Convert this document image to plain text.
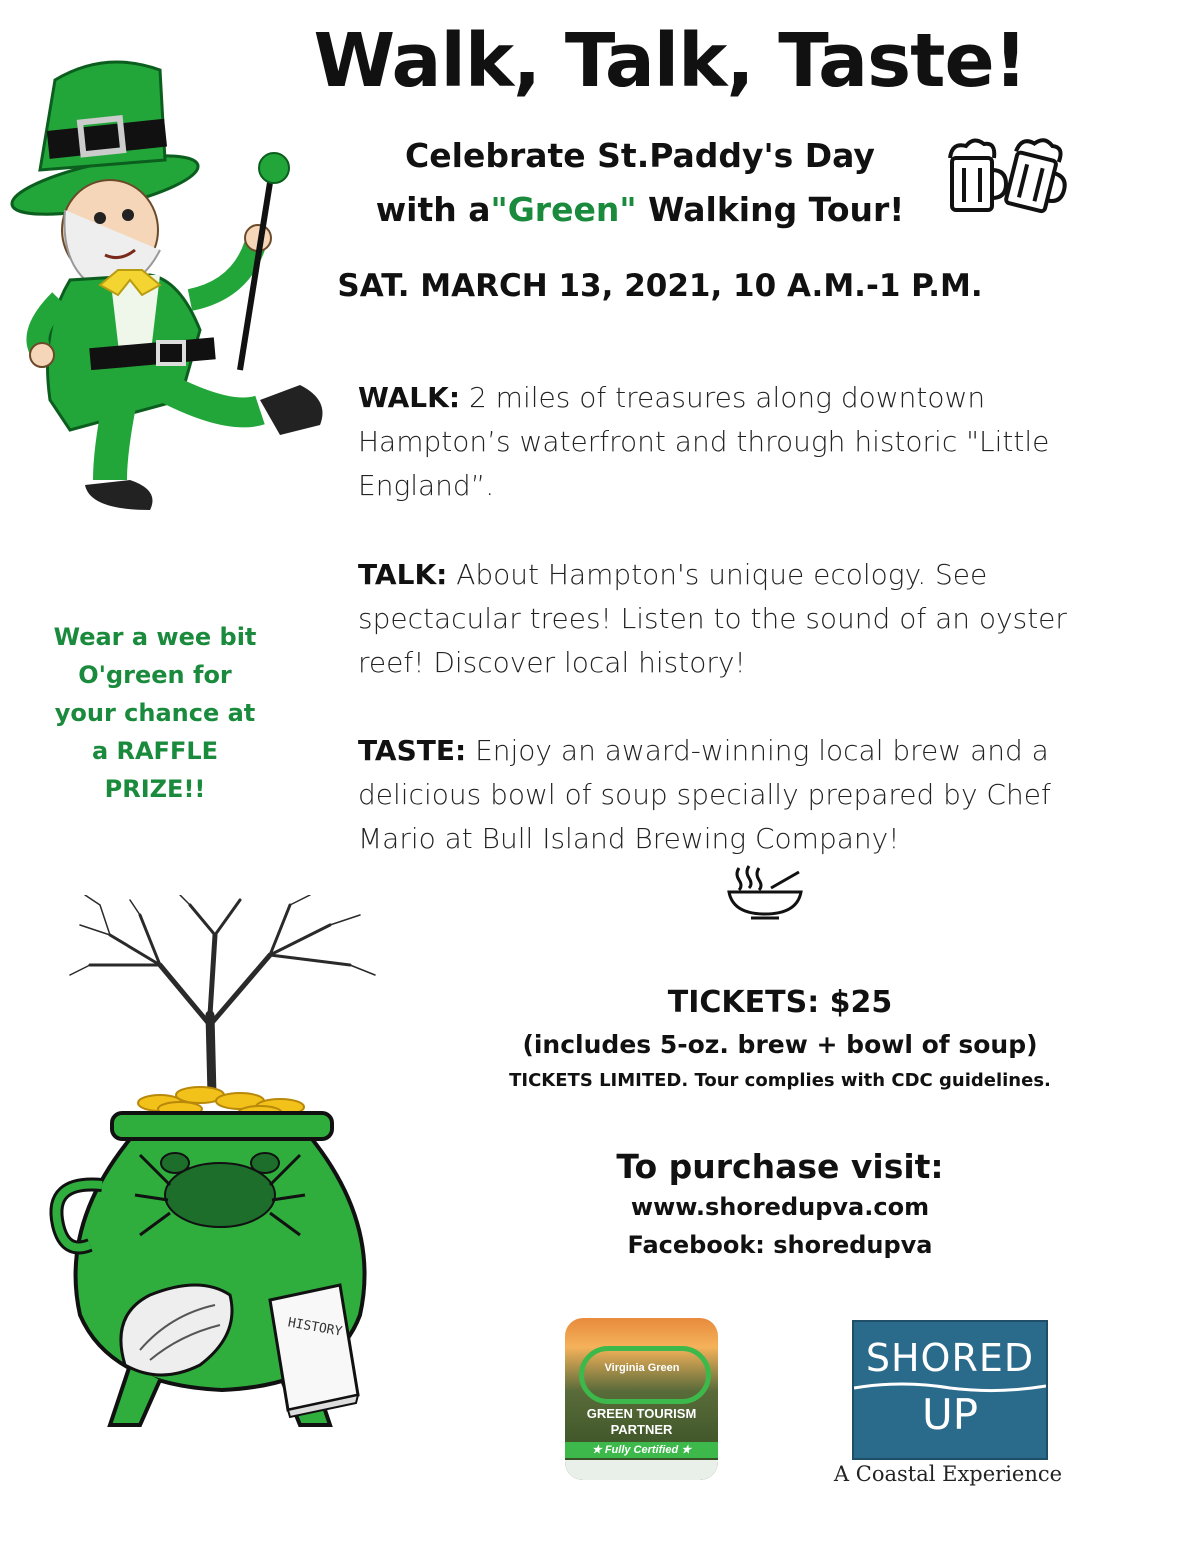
Walk, Talk, Taste!
Celebrate St.Paddy's Day
with a"Green" Walking Tour!
SAT. MARCH 13, 2021, 10 A.M.-1 P.M.
WALK: 2 miles of treasures along downtown Hampton’s waterfront and through historic "Little England”.
TALK: About Hampton's unique ecology. See spectacular trees! Listen to the sound of an oyster reef! Discover local history!
TASTE: Enjoy an award-winning local brew and a delicious bowl of soup specially prepared by Chef Mario at Bull Island Brewing Company!
Wear a wee bit O'green for your chance at a RAFFLE PRIZE!!
HISTORY
TICKETS: $25
(includes 5-oz. brew + bowl of soup)
TICKETS LIMITED. Tour complies with CDC guidelines.
To purchase visit:
www.shoredupva.com
Facebook: shoredupva
Virginia Green
GREEN TOURISM
PARTNER
★ Fully Certified ★
SHORED
UP
A Coastal Experience
